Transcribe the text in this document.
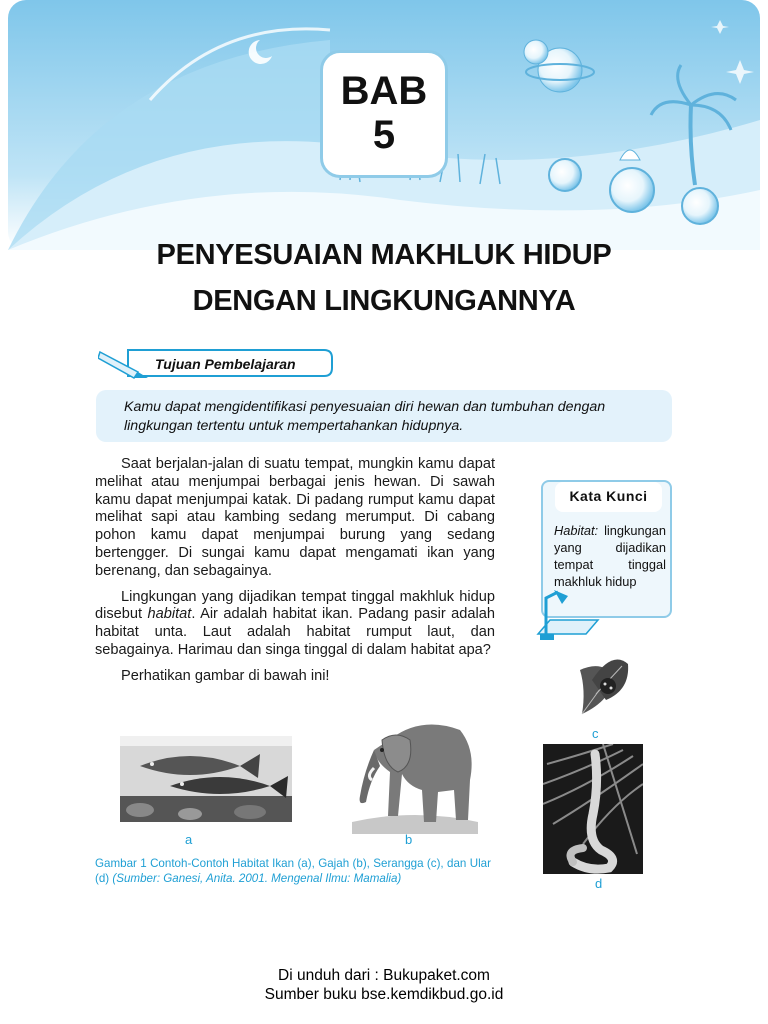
BAB
5
PENYESUAIAN MAKHLUK HIDUP
DENGAN LINGKUNGANNYA
Tujuan Pembelajaran
Kamu dapat mengidentifikasi penyesuaian diri hewan dan tumbuhan dengan lingkungan tertentu untuk mempertahankan hidupnya.

Saat berjalan-jalan di suatu tempat, mungkin kamu dapat melihat atau menjumpai berbagai jenis hewan. Di sawah kamu dapat menjumpai katak. Di padang rumput kamu dapat melihat sapi atau kambing sedang merumput. Di cabang pohon kamu dapat menjumpai burung yang sedang bertengger. Di sungai kamu dapat mengamati ikan yang berenang, dan sebagainya.

Lingkungan yang dijadikan tempat tinggal makhluk hidup disebut habitat. Air adalah habitat ikan. Padang pasir adalah habitat unta. Laut adalah habitat rumput laut, dan sebagainya. Harimau dan singa tinggal di dalam habitat apa?

Perhatikan gambar di bawah ini!

Kata Kunci
Habitat: lingkungan yang dijadikan tempat tinggal makhluk hidup
a	b
c
d
Gambar 1 Contoh-Contoh Habitat Ikan (a), Gajah (b), Serangga (c), dan Ular (d) (Sumber: Ganesi, Anita. 2001. Mengenal Ilmu: Mamalia)
Di unduh dari : Bukupaket.com
Sumber buku bse.kemdikbud.go.id
